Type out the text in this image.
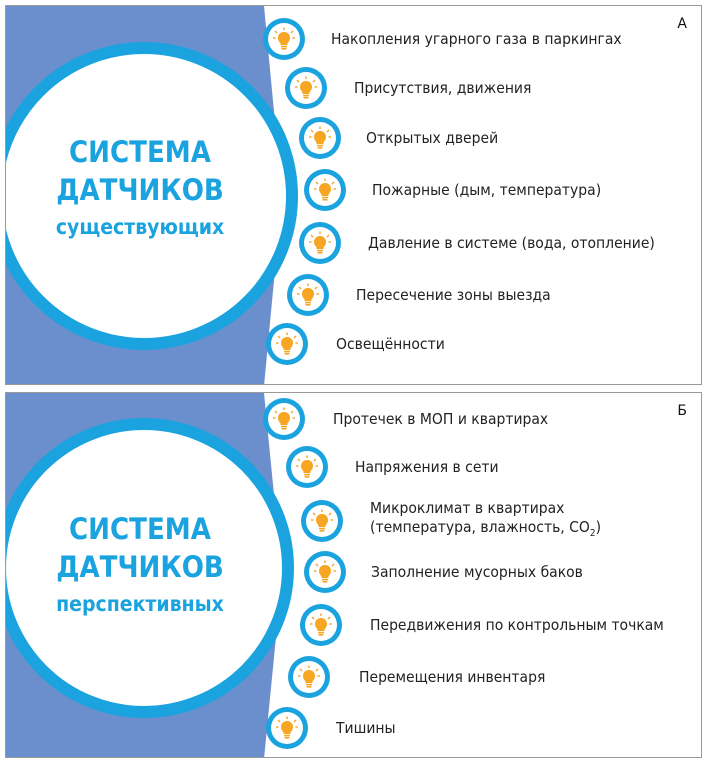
А
СИСТЕМА
ДАТЧИКОВ
существующих
Накопления угарного газа в паркингах
Присутствия, движения
Открытых дверей
Пожарные (дым, температура)
Давление в системе (вода, отопление)
Пересечение зоны выезда
Освещённости
Б
СИСТЕМА
ДАТЧИКОВ
перспективных
Протечек в МОП и квартирах
Напряжения в сети
Микроклимат в квартирах
(температура, влажность, $CO_2$)
Заполнение мусорных баков
Передвижения по контрольным точкам
Перемещения инвентаря
Тишины
